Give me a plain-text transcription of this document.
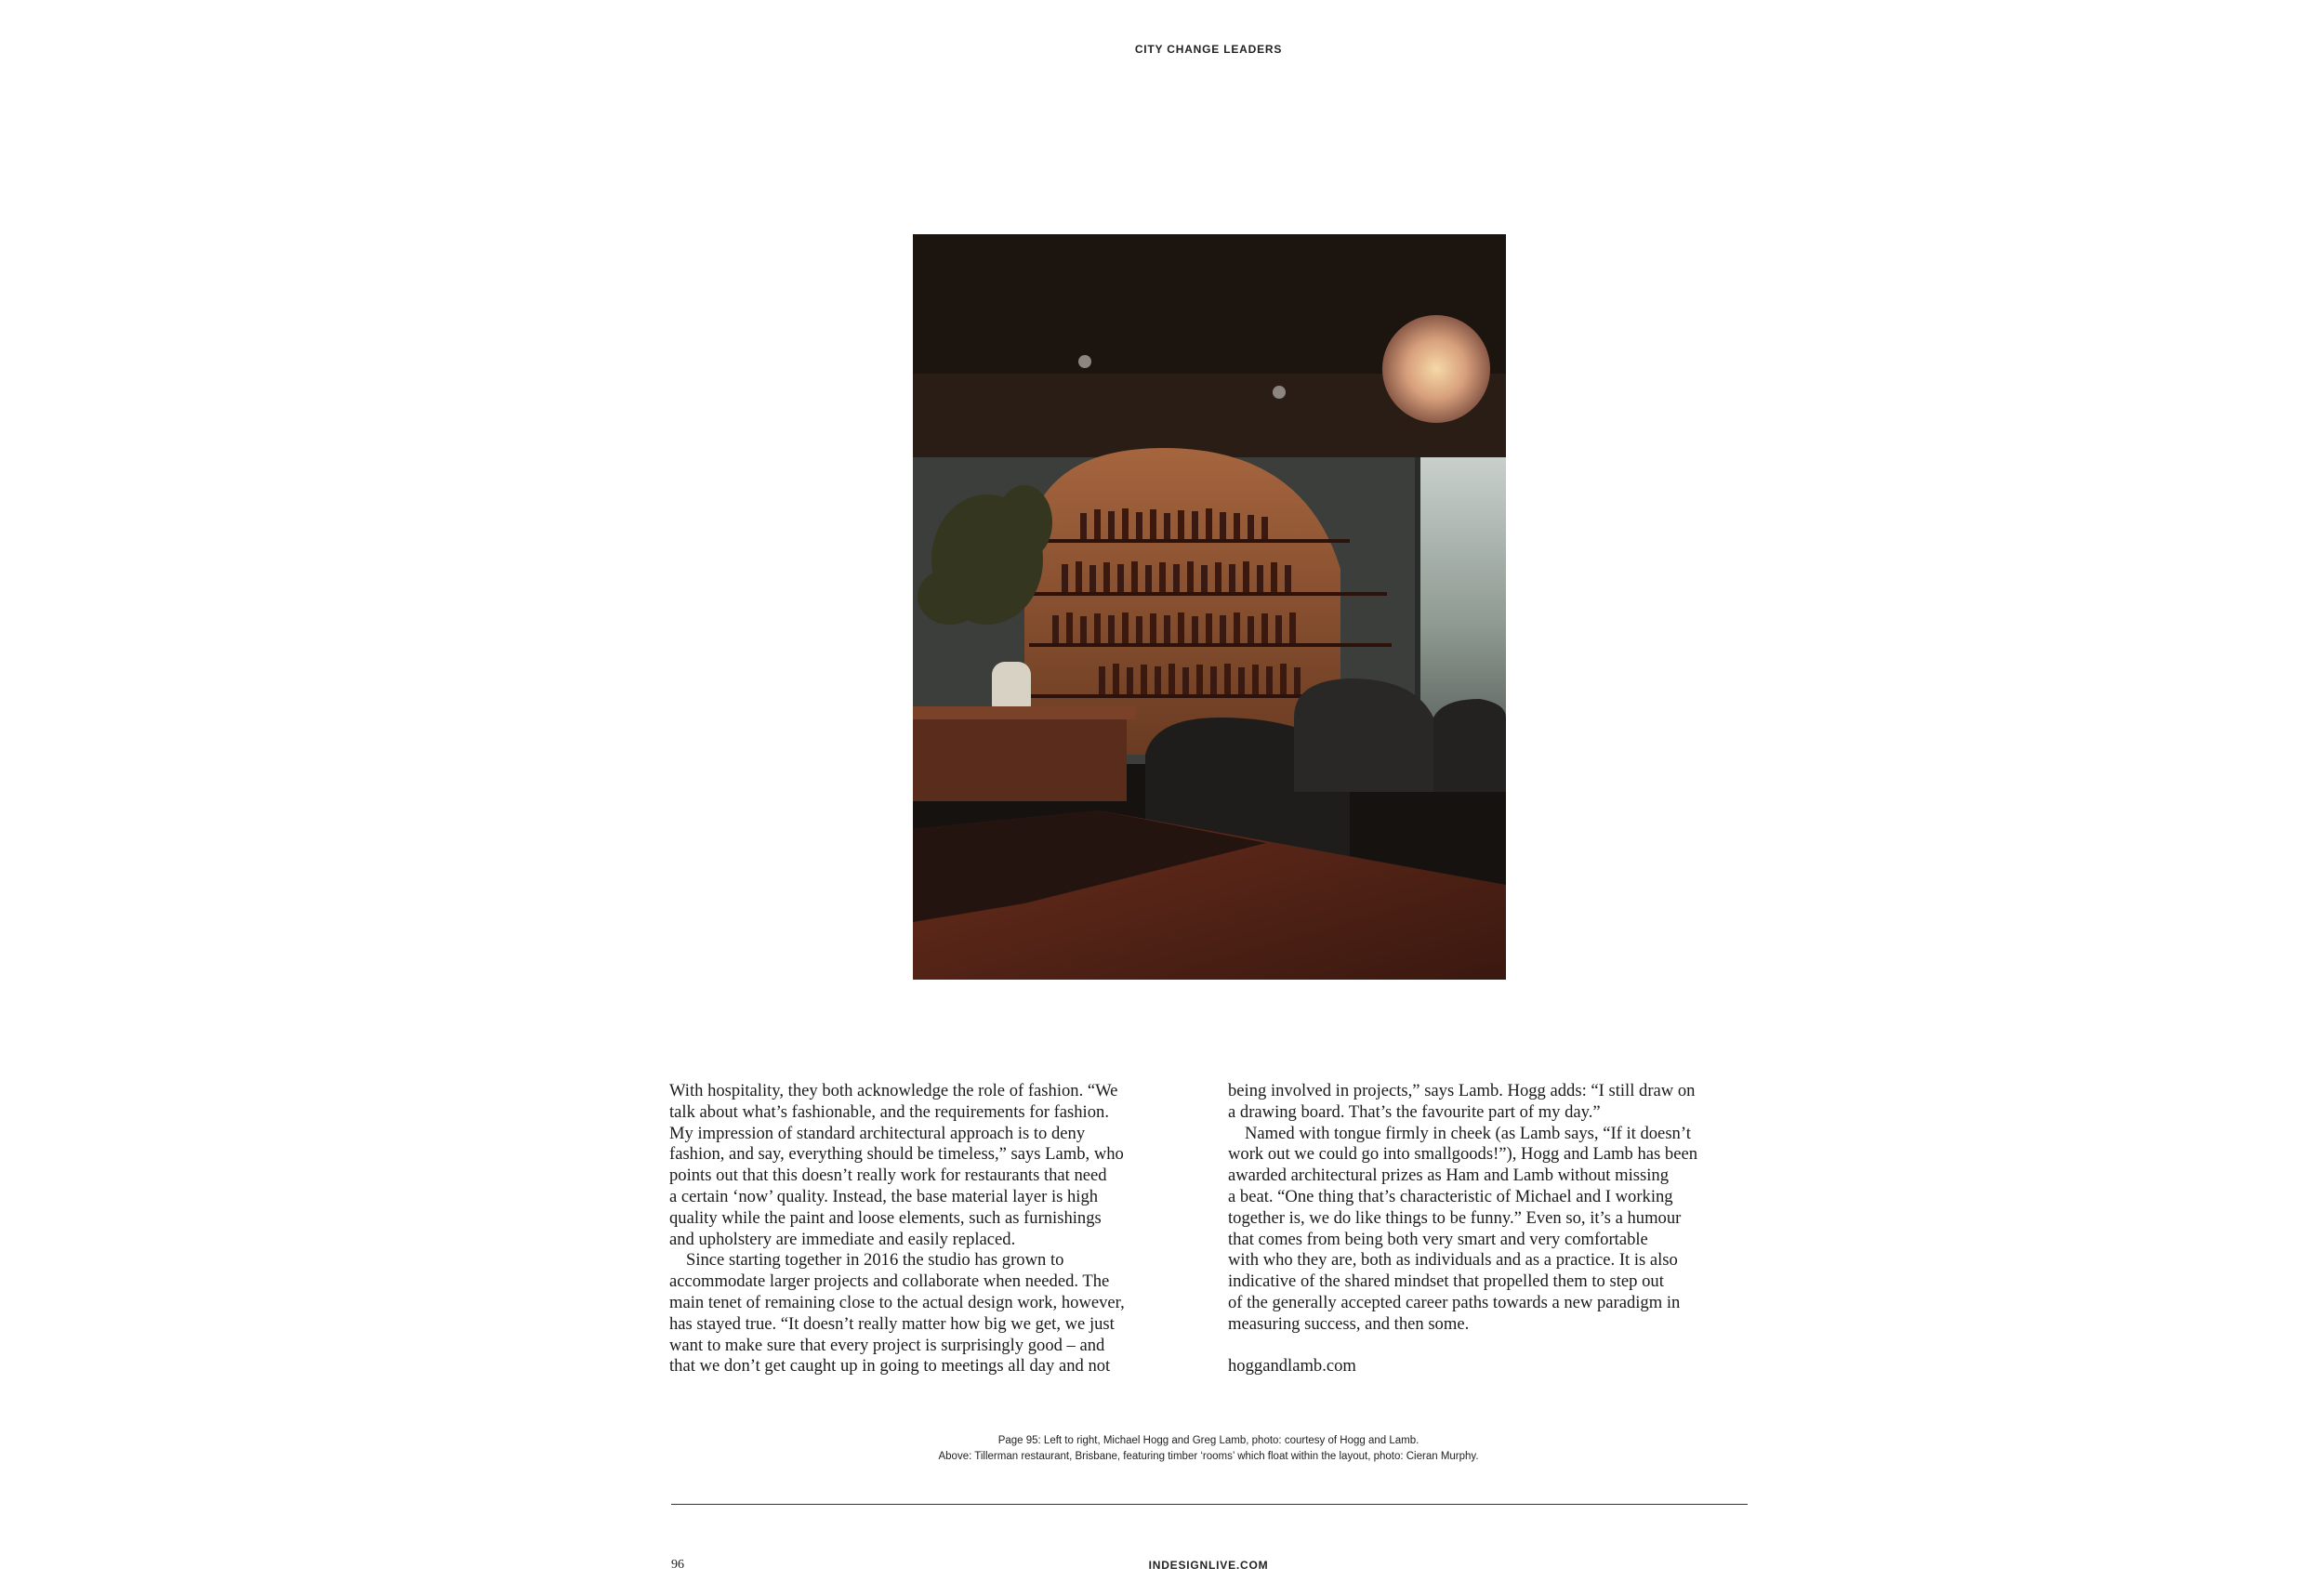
CITY CHANGE LEADERS

With hospitality, they both acknowledge the role of fashion. “We
talk about what’s fashionable, and the requirements for fashion.
My impression of standard architectural approach is to deny
fashion, and say, everything should be timeless,” says Lamb, who
points out that this doesn’t really work for restaurants that need
a certain ‘now’ quality. Instead, the base material layer is high
quality while the paint and loose elements, such as furnishings
and upholstery are immediate and easily replaced.

Since starting together in 2016 the studio has grown to
accommodate larger projects and collaborate when needed. The
main tenet of remaining close to the actual design work, however,
has stayed true. “It doesn’t really matter how big we get, we just
want to make sure that every project is surprisingly good – and
that we don’t get caught up in going to meetings all day and not

being involved in projects,” says Lamb. Hogg adds: “I still draw on
a drawing board. That’s the favourite part of my day.”

Named with tongue firmly in cheek (as Lamb says, “If it doesn’t
work out we could go into smallgoods!”), Hogg and Lamb has been
awarded architectural prizes as Ham and Lamb without missing
a beat. “One thing that’s characteristic of Michael and I working
together is, we do like things to be funny.” Even so, it’s a humour
that comes from being both very smart and very comfortable
with who they are, both as individuals and as a practice. It is also
indicative of the shared mindset that propelled them to step out
of the generally accepted career paths towards a new paradigm in
measuring success, and then some.

hoggandlamb.com

Page 95: Left to right, Michael Hogg and Greg Lamb, photo: courtesy of Hogg and Lamb.
Above: Tillerman restaurant, Brisbane, featuring timber ‘rooms’ which float within the layout, photo: Cieran Murphy.
96	INDESIGNLIVE.COM
